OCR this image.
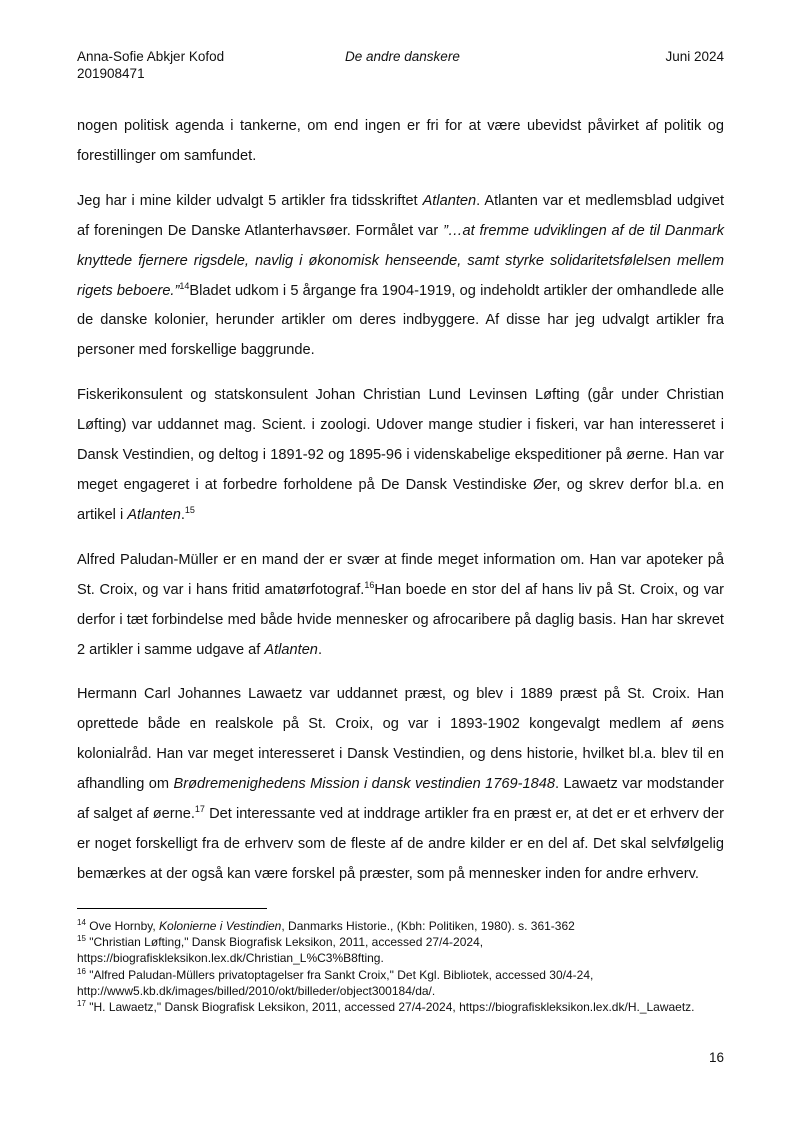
Anna-Sofie Abkjer Kofod
201908471
De andre danskere	Juni 2024

nogen politisk agenda i tankerne, om end ingen er fri for at være ubevidst påvirket af politik og forestillinger om samfundet.

Jeg har i mine kilder udvalgt 5 artikler fra tidsskriftet Atlanten. Atlanten var et medlemsblad udgivet af foreningen De Danske Atlanterhavsøer. Formålet var ”…at fremme udviklingen af de til Danmark knyttede fjernere rigsdele, navlig i økonomisk henseende, samt styrke solidaritetsfølelsen mellem rigets beboere.”$^{14}$Bladet udkom i 5 årgange fra 1904-1919, og indeholdt artikler der omhandlede alle de danske kolonier, herunder artikler om deres indbyggere. Af disse har jeg udvalgt artikler fra personer med forskellige baggrunde.

Fiskerikonsulent og statskonsulent Johan Christian Lund Levinsen Løfting (går under Christian Løfting) var uddannet mag. Scient. i zoologi. Udover mange studier i fiskeri, var han interesseret i Dansk Vestindien, og deltog i 1891-92 og 1895-96 i videnskabelige ekspeditioner på øerne. Han var meget engageret i at forbedre forholdene på De Dansk Vestindiske Øer, og skrev derfor bl.a. en artikel i Atlanten.$^{15}$

Alfred Paludan-Müller er en mand der er svær at finde meget information om. Han var apoteker på St. Croix, og var i hans fritid amatørfotograf.$^{16}$Han boede en stor del af hans liv på St. Croix, og var derfor i tæt forbindelse med både hvide mennesker og afrocaribere på daglig basis. Han har skrevet 2 artikler i samme udgave af Atlanten.

Hermann Carl Johannes Lawaetz var uddannet præst, og blev i 1889 præst på St. Croix. Han oprettede både en realskole på St. Croix, og var i 1893-1902 kongevalgt medlem af øens kolonialråd. Han var meget interesseret i Dansk Vestindien, og dens historie, hvilket bl.a. blev til en afhandling om Brødremenighedens Mission i dansk vestindien 1769-1848. Lawaetz var modstander af salget af øerne.$^{17}$ Det interessante ved at inddrage artikler fra en præst er, at det er et erhverv der er noget forskelligt fra de erhverv som de fleste af de andre kilder er en del af. Det skal selvfølgelig bemærkes at der også kan være forskel på præster, som på mennesker inden for andre erhverv.

$^{14}$ Ove Hornby, Kolonierne i Vestindien, Danmarks Historie., (Kbh: Politiken, 1980). s. 361-362
$^{15}$ "Christian Løfting," Dansk Biografisk Leksikon, 2011, accessed 27/4-2024, https://biografiskleksikon.lex.dk/Christian_L%C3%B8fting.
$^{16}$ "Alfred Paludan-Müllers privatoptagelser fra Sankt Croix," Det Kgl. Bibliotek, accessed 30/4-24, http://www5.kb.dk/images/billed/2010/okt/billeder/object300184/da/.
$^{17}$ "H. Lawaetz," Dansk Biografisk Leksikon, 2011, accessed 27/4-2024, https://biografiskleksikon.lex.dk/H._Lawaetz.
16
